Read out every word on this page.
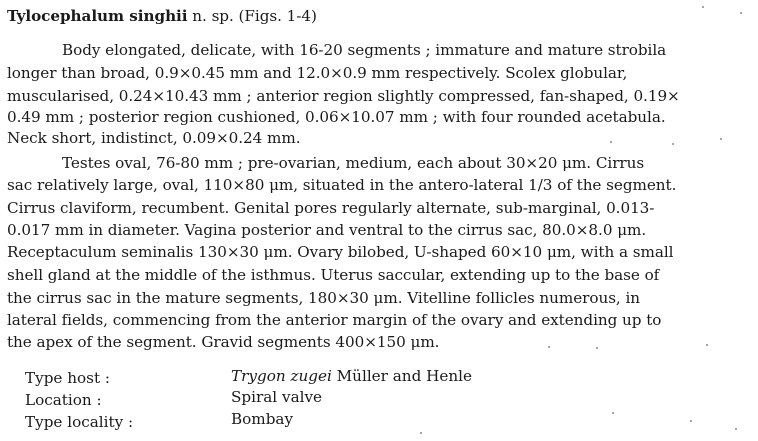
Tylocephalum singhii n. sp. (Figs. 1-4)
Body elongated, delicate, with 16-20 segments ; immature and mature strobila
longer than broad, 0.9×0.45 mm and 12.0×0.9 mm respectively. Scolex globular,
muscularised, 0.24×10.43 mm ; anterior region slightly compressed, fan-shaped, 0.19×
0.49 mm ; posterior region cushioned, 0.06×10.07 mm ; with four rounded acetabula.
Neck short, indistinct, 0.09×0.24 mm.
Testes oval, 76-80 mm ; pre-ovarian, medium, each about 30×20 μm. Cirrus
sac relatively large, oval, 110×80 μm, situated in the antero-lateral 1/3 of the segment.
Cirrus claviform, recumbent. Genital pores regularly alternate, sub-marginal, 0.013-
0.017 mm in diameter. Vagina posterior and ventral to the cirrus sac, 80.0×8.0 μm.
Receptaculum seminalis 130×30 μm. Ovary bilobed, U-shaped 60×10 μm, with a small
shell gland at the middle of the isthmus. Uterus saccular, extending up to the base of
the cirrus sac in the mature segments, 180×30 μm. Vitelline follicles numerous, in
lateral fields, commencing from the anterior margin of the ovary and extending up to
the apex of the segment. Gravid segments 400×150 μm.
Type host :	Trygon zugei Müller and Henle
Location :	Spiral valve
Type locality :	Bombay
